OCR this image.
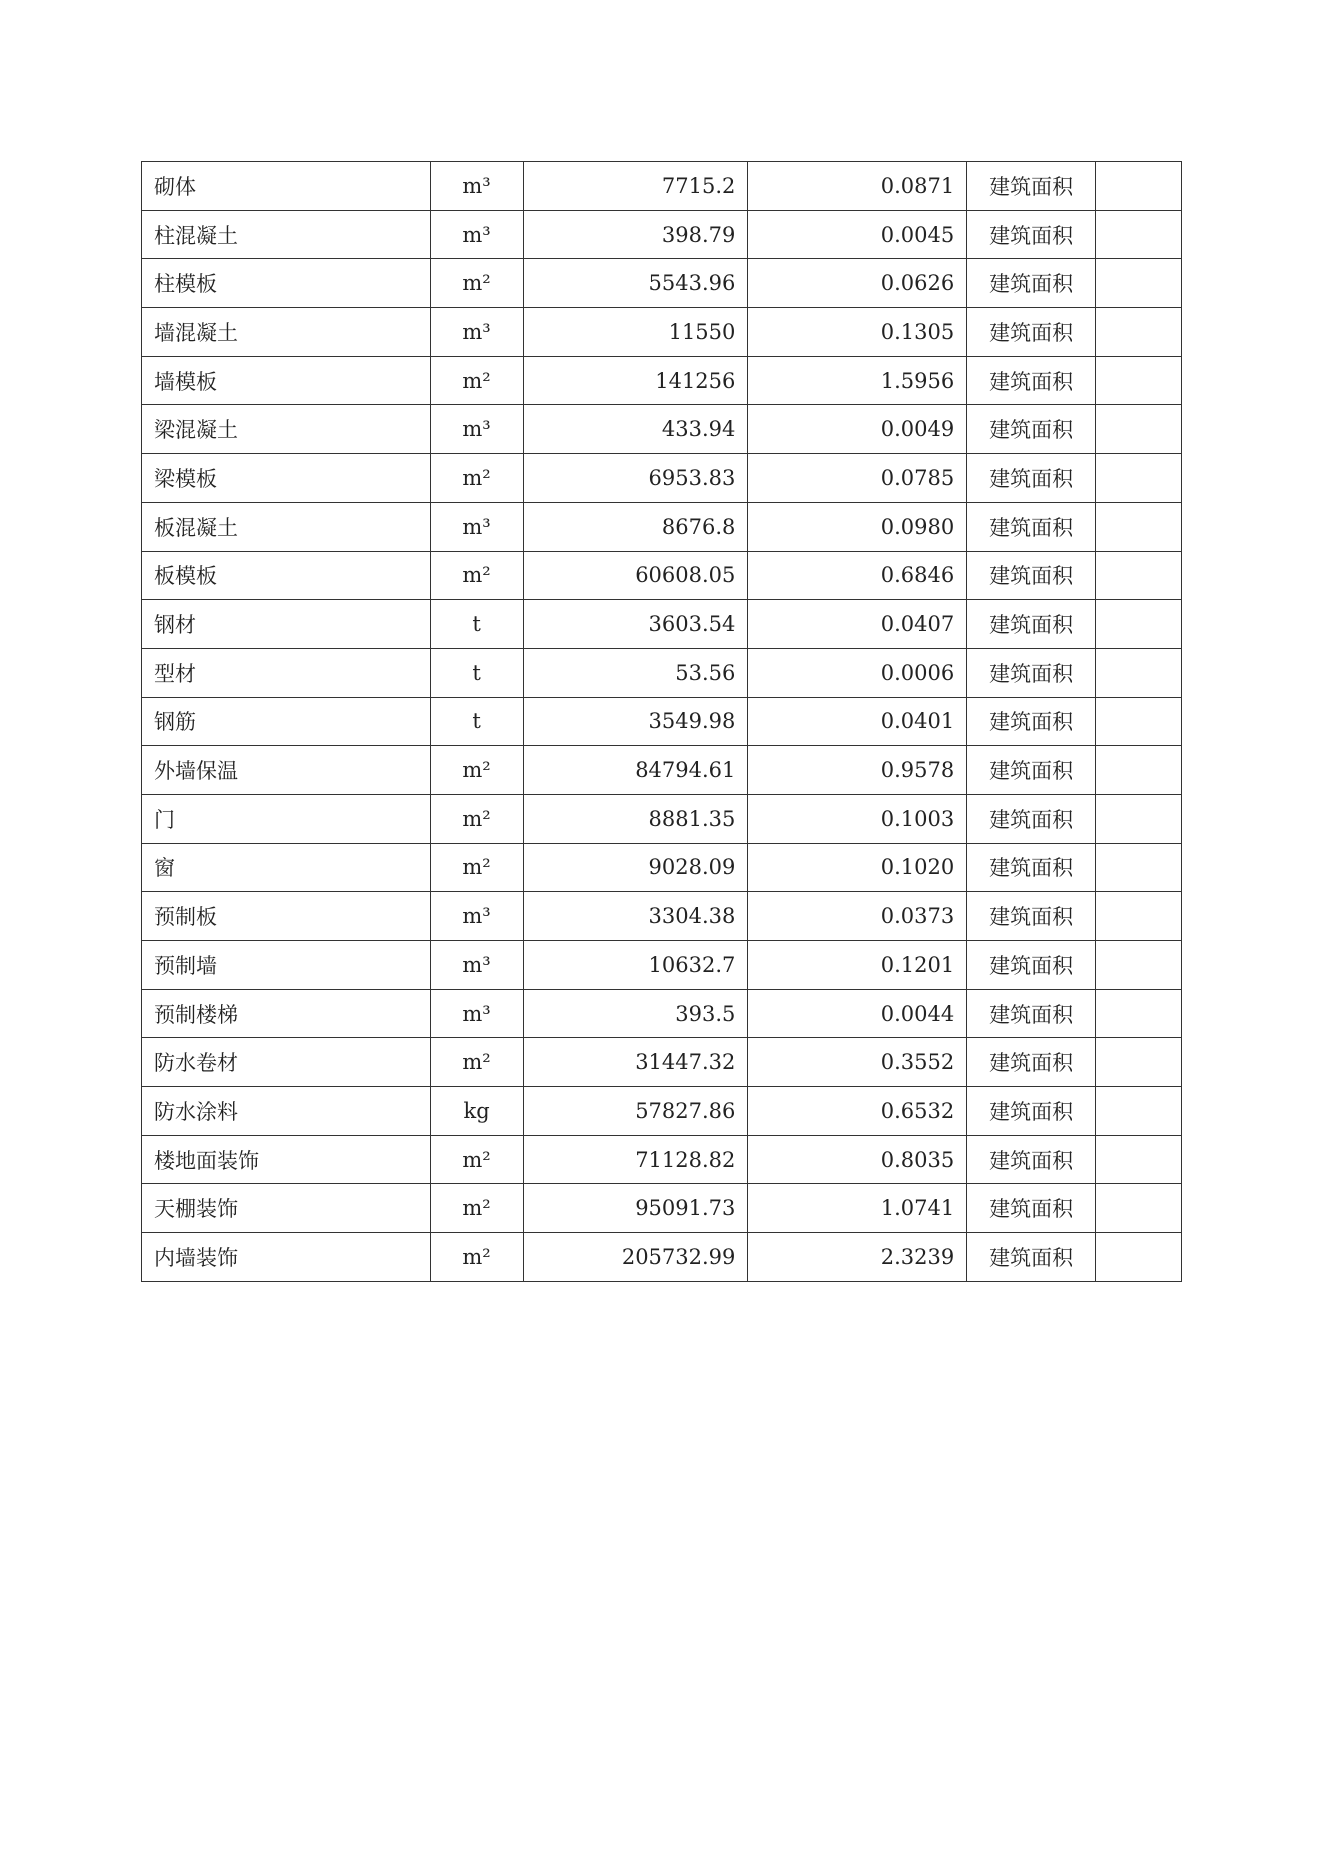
砌体	m³	7715.2	0.0871	建筑面积	
柱混凝土	m³	398.79	0.0045	建筑面积	
柱模板	m²	5543.96	0.0626	建筑面积	
墙混凝土	m³	11550	0.1305	建筑面积	
墙模板	m²	141256	1.5956	建筑面积	
梁混凝土	m³	433.94	0.0049	建筑面积	
梁模板	m²	6953.83	0.0785	建筑面积	
板混凝土	m³	8676.8	0.0980	建筑面积	
板模板	m²	60608.05	0.6846	建筑面积	
钢材	t	3603.54	0.0407	建筑面积	
型材	t	53.56	0.0006	建筑面积	
钢筋	t	3549.98	0.0401	建筑面积	
外墙保温	m²	84794.61	0.9578	建筑面积	
门	m²	8881.35	0.1003	建筑面积	
窗	m²	9028.09	0.1020	建筑面积	
预制板	m³	3304.38	0.0373	建筑面积	
预制墙	m³	10632.7	0.1201	建筑面积	
预制楼梯	m³	393.5	0.0044	建筑面积	
防水卷材	m²	31447.32	0.3552	建筑面积	
防水涂料	kg	57827.86	0.6532	建筑面积	
楼地面装饰	m²	71128.82	0.8035	建筑面积	
天棚装饰	m²	95091.73	1.0741	建筑面积	
内墙装饰	m²	205732.99	2.3239	建筑面积	
